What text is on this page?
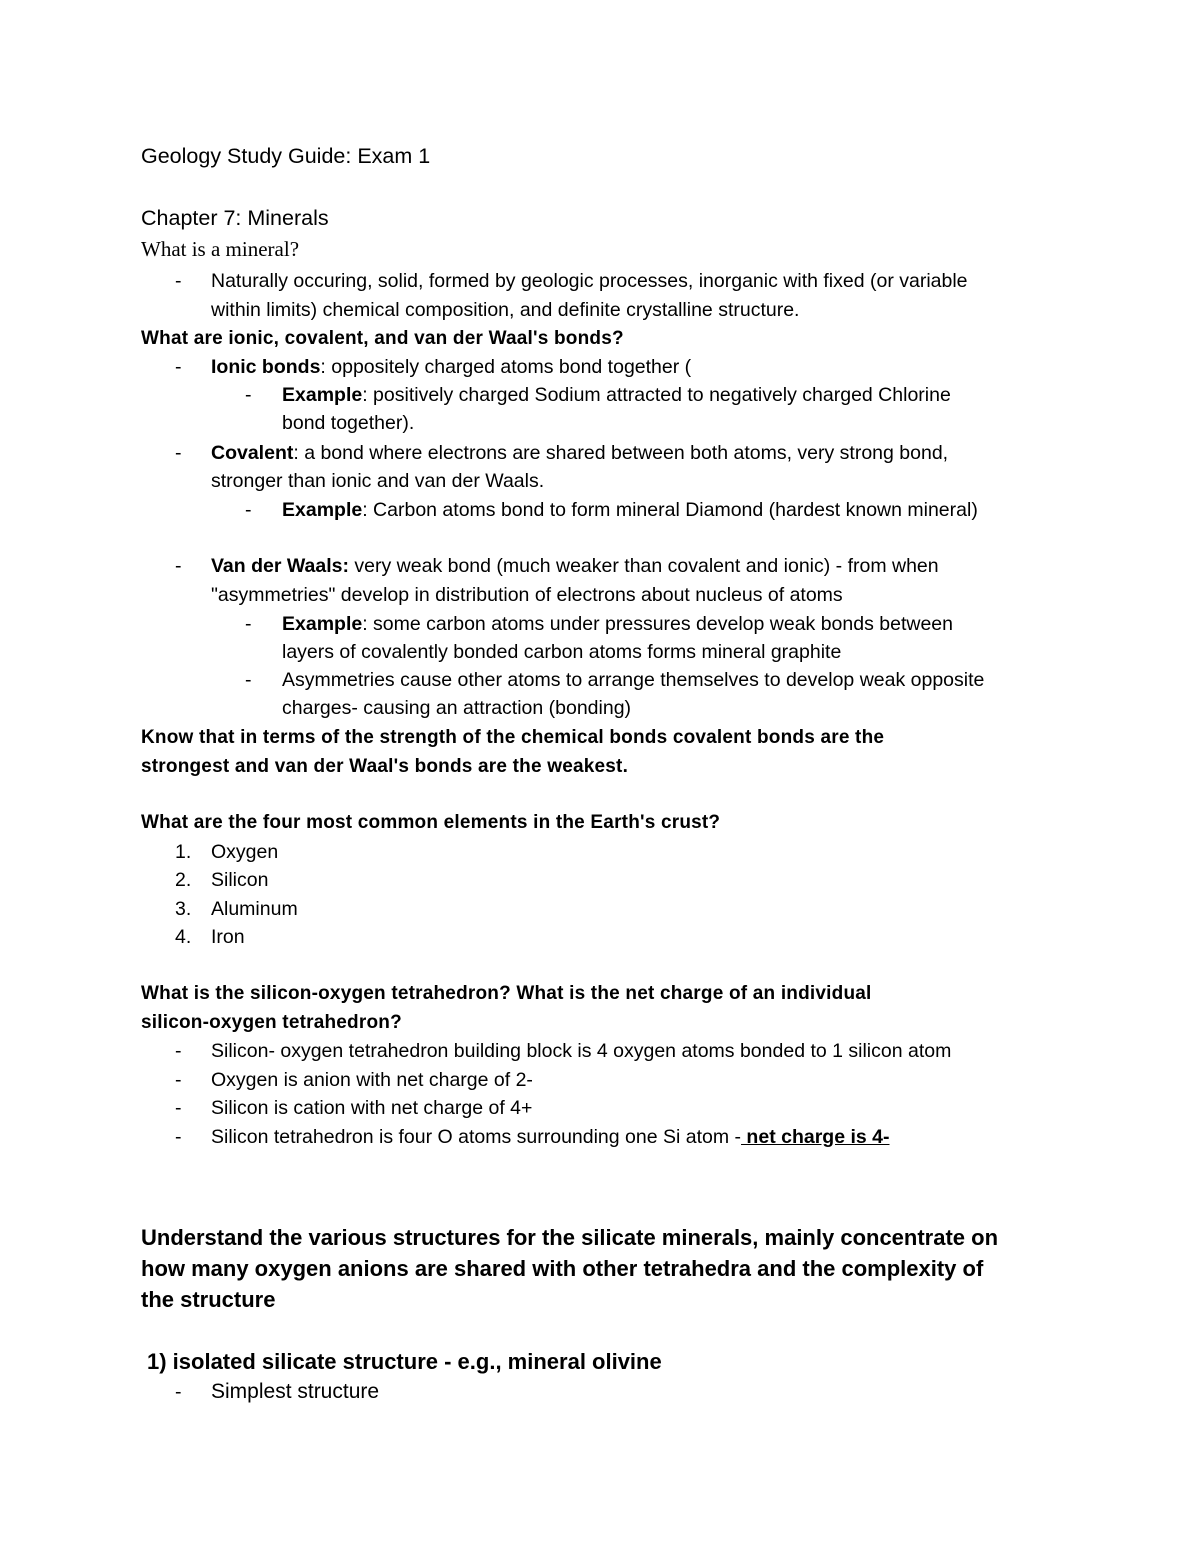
Geology Study Guide: Exam 1
Chapter 7: Minerals
What is a mineral?
- Naturally occuring, solid, formed by geologic processes, inorganic with fixed (or variable
within limits) chemical composition, and definite crystalline structure.
What are ionic, covalent, and van der Waal's bonds?
- Ionic bonds: oppositely charged atoms bond together (
- Example: positively charged Sodium attracted to negatively charged Chlorine
bond together).
- Covalent: a bond where electrons are shared between both atoms, very strong bond,
stronger than ionic and van der Waals.
- Example: Carbon atoms bond to form mineral Diamond (hardest known mineral)
- Van der Waals: very weak bond (much weaker than covalent and ionic) - from when
"asymmetries" develop in distribution of electrons about nucleus of atoms
- Example: some carbon atoms under pressures develop weak bonds between
layers of covalently bonded carbon atoms forms mineral graphite
- Asymmetries cause other atoms to arrange themselves to develop weak opposite
charges- causing an attraction (bonding)
Know that in terms of the strength of the chemical bonds covalent bonds are the
strongest and van der Waal's bonds are the weakest.
What are the four most common elements in the Earth's crust?
1. Oxygen
2. Silicon
3. Aluminum
4. Iron
What is the silicon-oxygen tetrahedron? What is the net charge of an individual
silicon-oxygen tetrahedron?
- Silicon- oxygen tetrahedron building block is 4 oxygen atoms bonded to 1 silicon atom
- Oxygen is anion with net charge of 2-
- Silicon is cation with net charge of 4+
- Silicon tetrahedron is four O atoms surrounding one Si atom - net charge is 4-
Understand the various structures for the silicate minerals, mainly concentrate on
how many oxygen anions are shared with other tetrahedra and the complexity of
the structure
1) isolated silicate structure - e.g., mineral olivine
- Simplest structure
